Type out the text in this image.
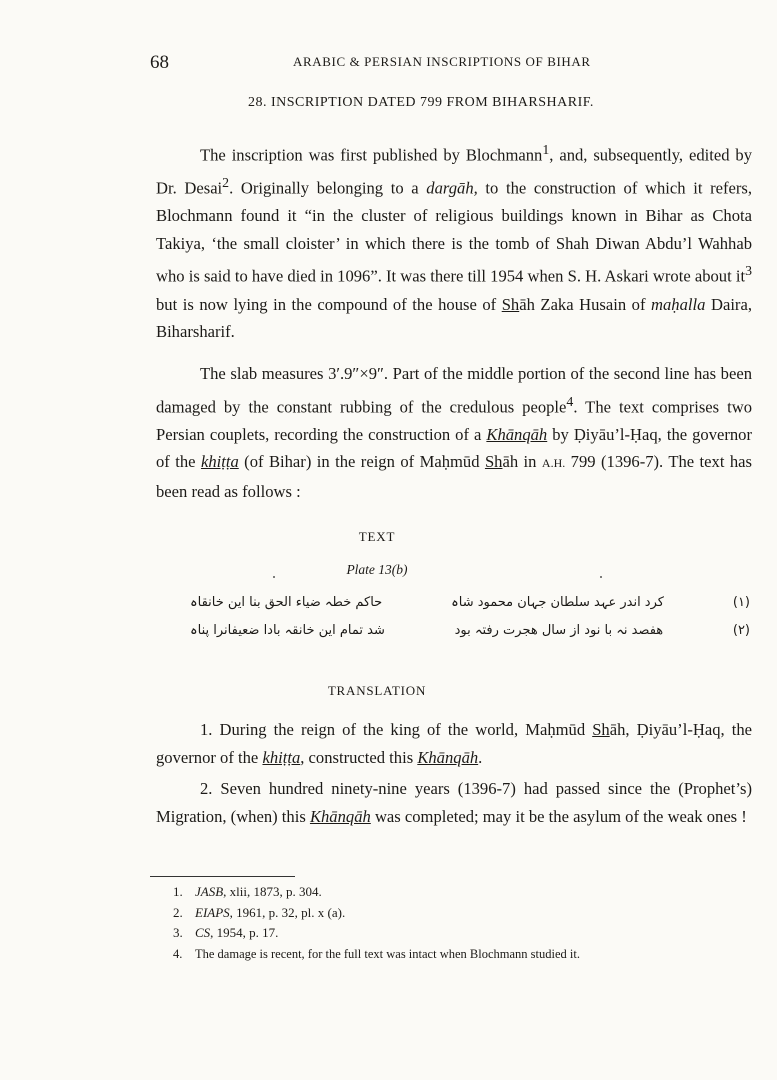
68	ARABIC & PERSIAN INSCRIPTIONS OF BIHAR
28. INSCRIPTION DATED 799 FROM BIHARSHARIF.

The inscription was first published by Blochmann$^1$, and, subsequently, edited by Dr. Desai$^2$. Originally belonging to a dargāh, to the construction of which it refers, Blochmann found it “in the cluster of religious buildings known in Bihar as Chota Takiya, ‘the small cloister’ in which there is the tomb of Shah Diwan Abdu’l Wahhab who is said to have died in 1096”. It was there till 1954 when S. H. Askari wrote about $it^3$ but is now lying in the compound of the house of Shāh Zaka Husain of maḥalla Daira, Biharsharif.

The slab measures 3′.9″×9″. Part of the middle portion of the second line has been damaged by the constant rubbing of the credulous people$^4$. The text comprises two Persian couplets, recording the construction of a Khānqāh by Ḍiyāu’l-Ḥaq, the governor of the khiṭṭa (of Bihar) in the reign of Maḥmūd Shāh in A.H. 799 (1396-7). The text has been read as follows :

TEXT
Plate 13(b)
(١)
کرد اندر عہد سلطان جہان محمود شاہ
حاکم خطہ ضیاء الحق بنا این خانقاہ
(٢)
ھفصد نہ با نود از سال ھجرت رفتہ بود
شد تمام این خانقہ بادا ضعیفانرا پناہ
TRANSLATION

1. During the reign of the king of the world, Maḥmūd Shāh, Ḍiyāu’l-Ḥaq, the governor of the khiṭṭa, constructed this Khānqāh.

2. Seven hundred ninety-nine years (1396-7) had passed since the (Prophet’s) Migration, (when) this Khānqāh was completed; may it be the asylum of the weak ones !

1. JASB, xlii, 1873, p. 304.
2. EIAPS, 1961, p. 32, pl. x (a).
3. CS, 1954, p. 17.
4. The damage is recent, for the full text was intact when Blochmann studied it.
